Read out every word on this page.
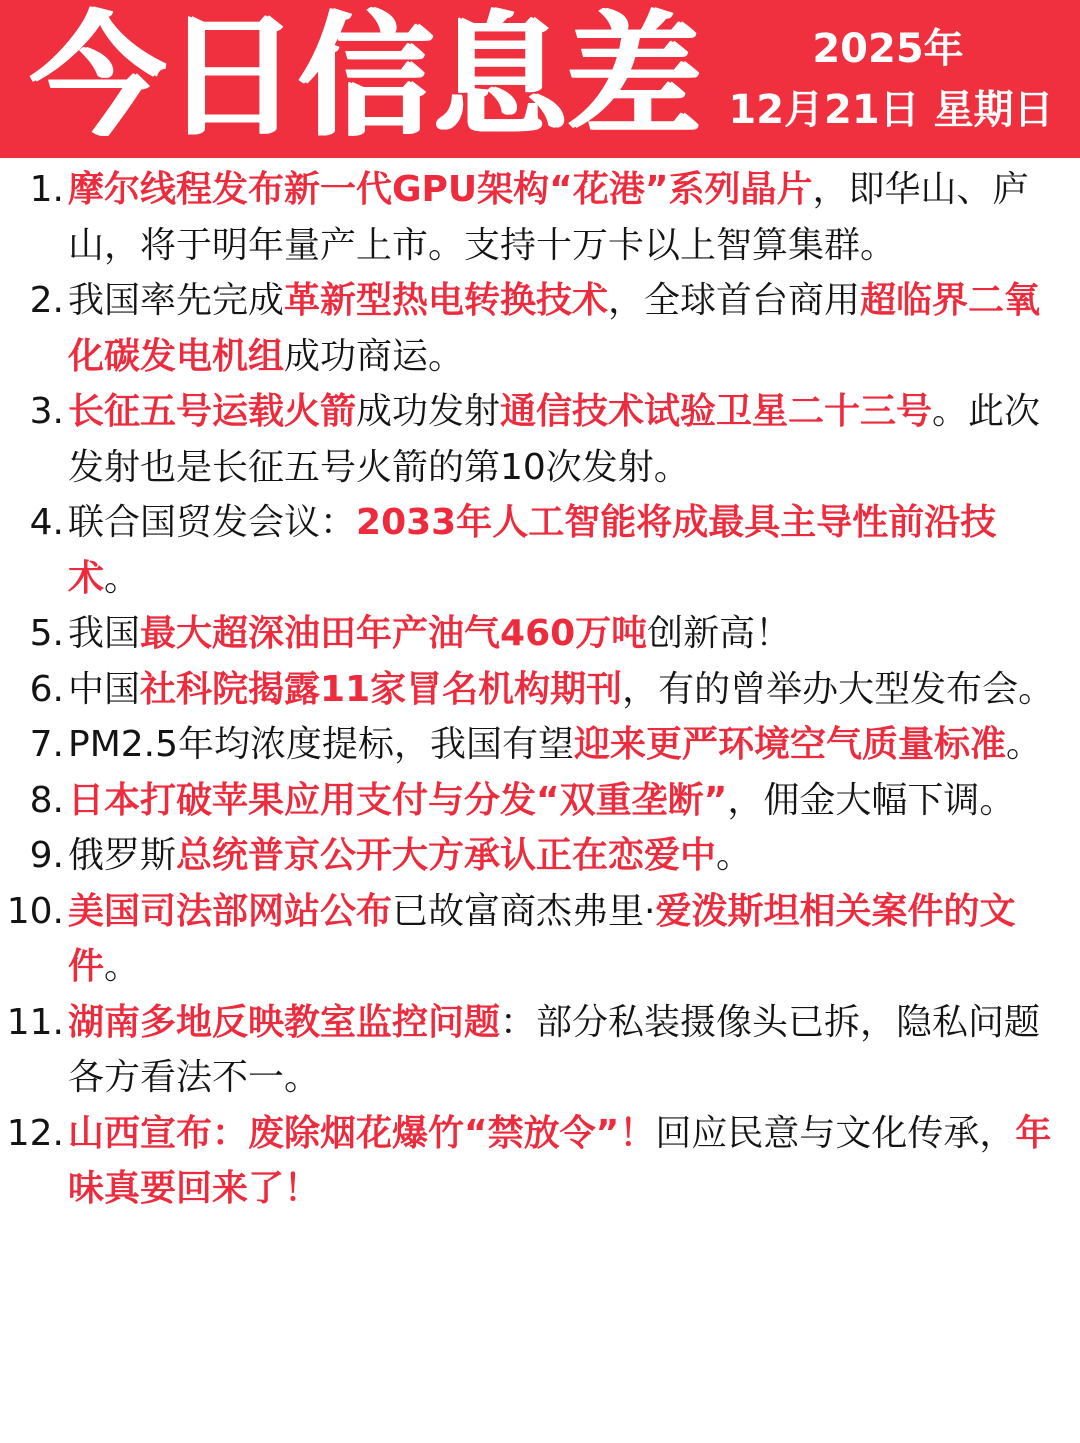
今日信息差	2025年
12月21日 星期日
1. 摩尔线程发布新一代GPU架构“花港”系列晶片，即华山、庐山，将于明年量产上市。支持十万卡以上智算集群。
2. 我国率先完成革新型热电转换技术，全球首台商用超临界二氧化碳发电机组成功商运。
3. 长征五号运载火箭成功发射通信技术试验卫星二十三号。此次发射也是长征五号火箭的第10次发射。
4. 联合国贸发会议：2033年人工智能将成最具主导性前沿技术。
5. 我国最大超深油田年产油气460万吨创新高！
6. 中国社科院揭露11家冒名机构期刊，有的曾举办大型发布会。
7. PM2.5年均浓度提标，我国有望迎来更严环境空气质量标准。
8. 日本打破苹果应用支付与分发“双重垄断”，佣金大幅下调。
9. 俄罗斯总统普京公开大方承认正在恋爱中。
10. 美国司法部网站公布已故富商杰弗里·爱泼斯坦相关案件的文件。
11. 湖南多地反映教室监控问题：部分私装摄像头已拆，隐私问题各方看法不一。
12. 山西宣布：废除烟花爆竹“禁放令”！回应民意与文化传承，年味真要回来了！
